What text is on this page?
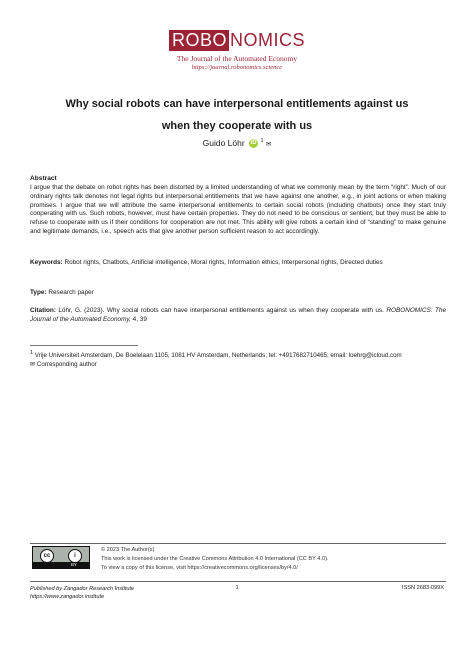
ROBO NOMICS
The Journal of the Automated Economy
https://journal.robonomics.science
Why social robots can have interpersonal entitlements against us
when they cooperate with us
Guido Löhr iD $^1$ ✉
Abstract
I argue that the debate on robot rights has been distorted by a limited understanding of what we commonly mean by the term “right”. Much of our ordinary rights talk denotes not legal rights but interpersonal entitlements that we have against one another, e.g., in joint actions or when making promises. I argue that we will attribute the same interpersonal entitlements to certain social robots (including chatbots) once they start truly cooperating with us. Such robots, however, must have certain properties. They do not need to be conscious or sentient, but they must be able to refuse to cooperate with us if their conditions for cooperation are not met. This ability will give robots a certain kind of “standing” to make genuine and legitimate demands, i.e., speech acts that give another person sufficient reason to act accordingly.
Keywords: Robot rights, Chatbots, Artificial intelligence, Moral rights, Information ethics, Interpersonal rights, Directed duties
Type: Research paper
Citation: Löhr, G. (2023). Why social robots can have interpersonal entitlements against us when they cooperate with us. ROBONOMICS: The Journal of the Automated Economy, 4, 39
1 Vrije Universiteit Amsterdam, De Boelelaan 1105, 1081 HV Amsterdam, Netherlands; tel: +4917682710465; email: loehrg@icloud.com
✉ Corresponding author
cc	i
BY
© 2023 The Author(s)
This work is licensed under the Creative Commons Attribution 4.0 International (CC BY 4.0).
To view a copy of this license, visit https://creativecommons.org/licenses/by/4.0/
Published by Zangador Research Institute
https://www.zangador.institute
1	ISSN 2683-099X
